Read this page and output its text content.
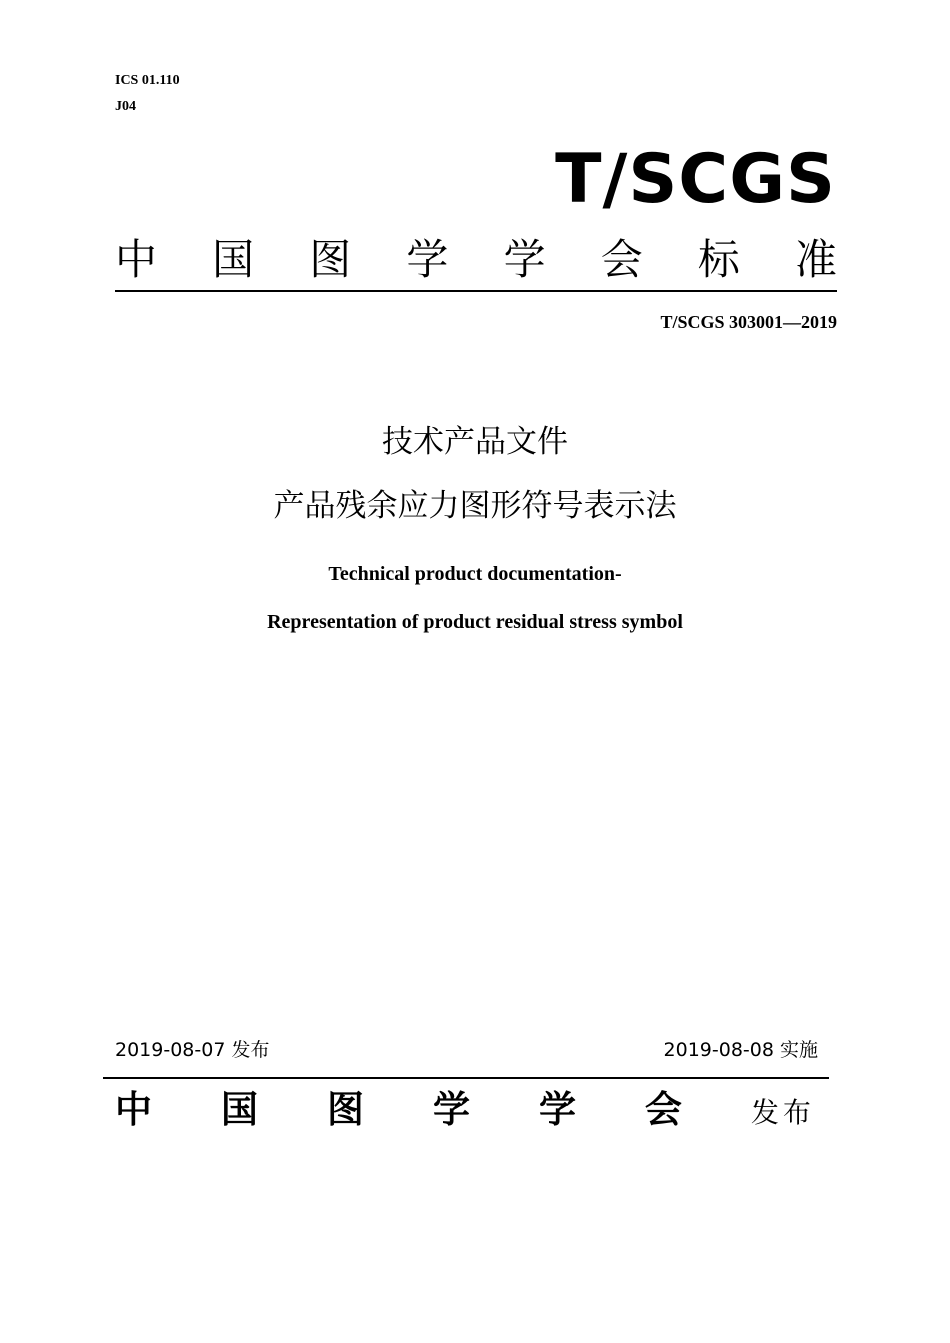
ICS 01.110
J04
T/SCGS
中 国 图 学 学 会 标 准
T/SCGS 303001—2019
技术产品文件
产品残余应力图形符号表示法
Technical product documentation-
Representation of product residual stress symbol
2019-08-07 发布	2019-08-08 实施
中 国 图 学 学 会 发布
